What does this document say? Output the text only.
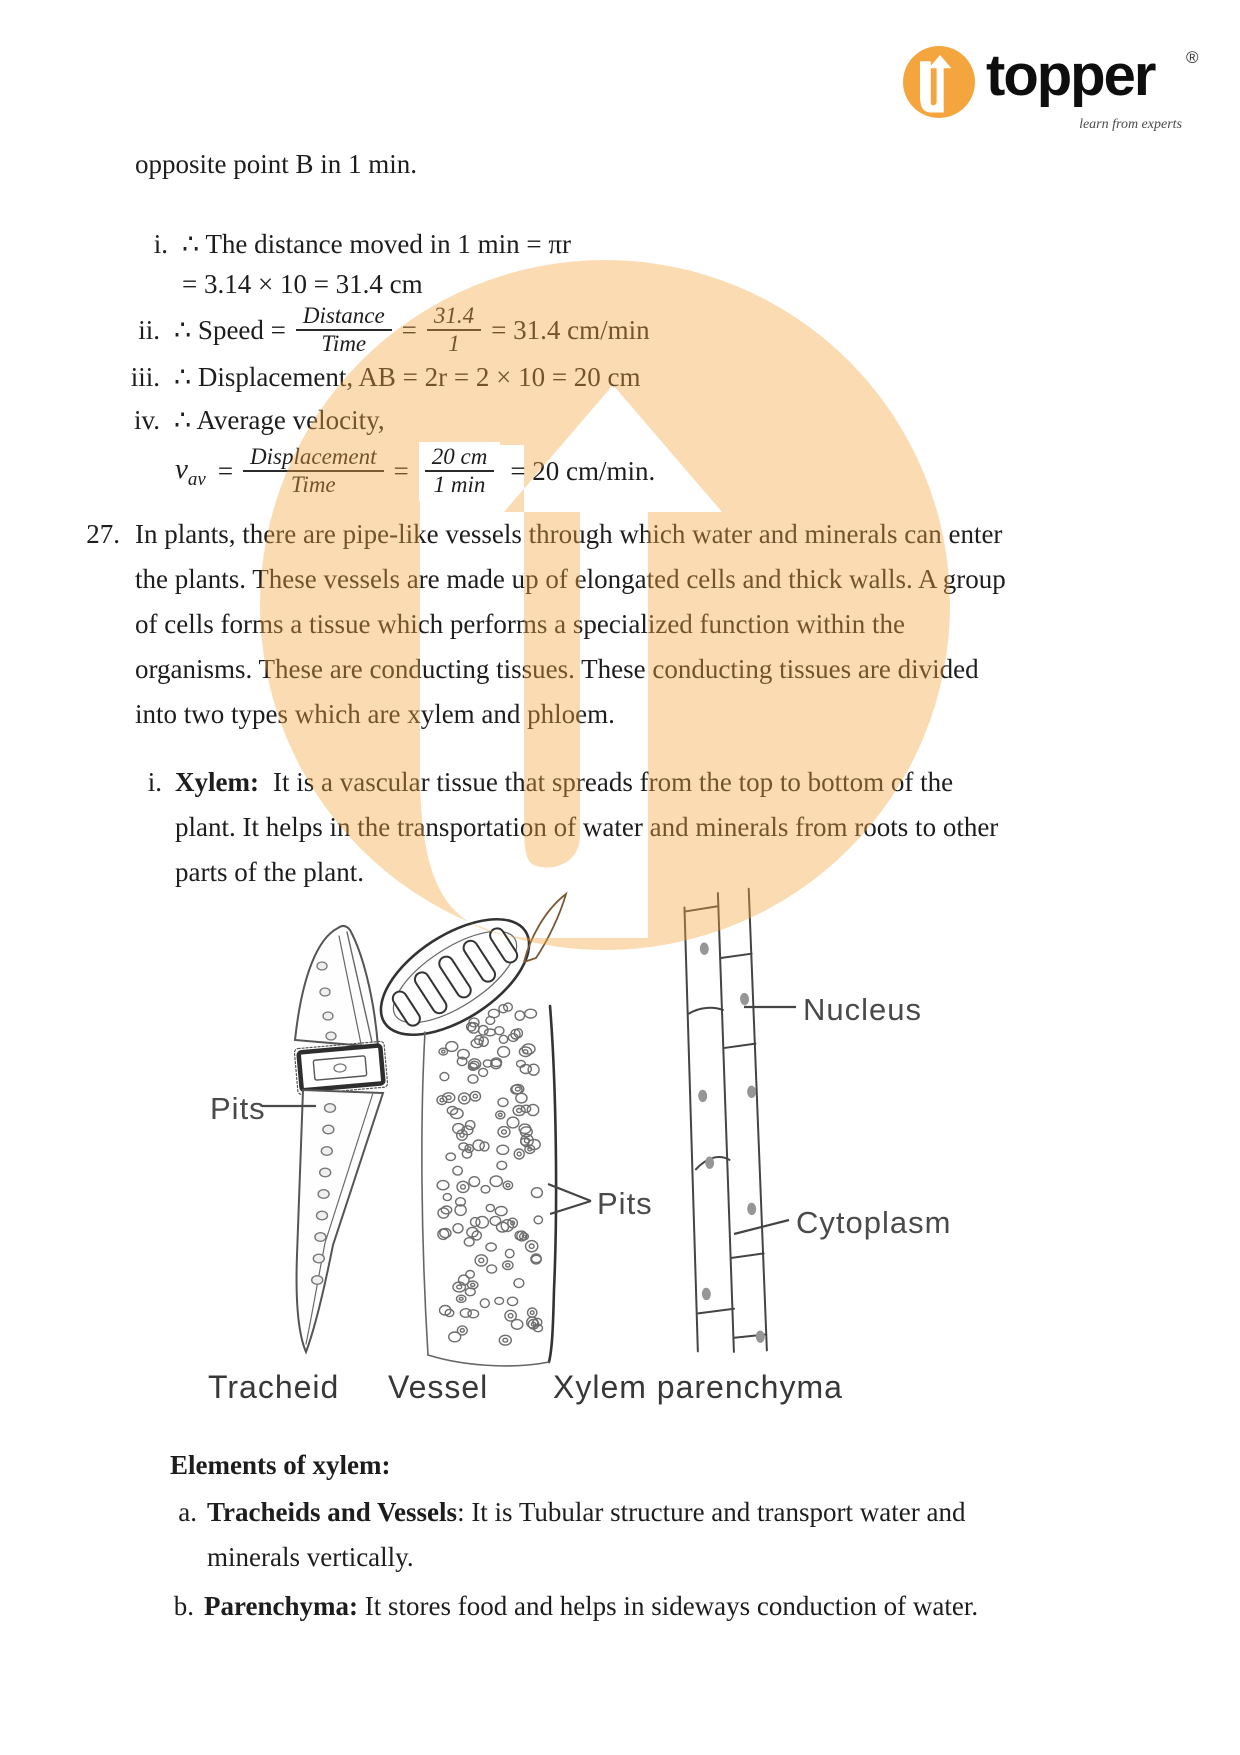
topper ®
learn from experts
opposite point B in 1 min.
i. ∴ The distance moved in 1 min = πr
= 3.14 × 10 = 31.4 cm
ii. ∴ Speed = $\frac{\text{Distance}}{\text{Time}} = \frac{31.4}{1} = 31.4$ cm/min
iii. ∴ Displacement, AB = 2r = 2 × 10 = 20 cm
iv. ∴ Average velocity,
$v_{av} = \frac{\text{Displacement}}{\text{Time}} = \frac{20 cm}{1 \min} = 20$ cm/min.
27. In plants, there are pipe-like vessels through which water and minerals can enter the plants. These vessels are made up of elongated cells and thick walls. A group of cells forms a tissue which performs a specialized function within the organisms. These are conducting tissues. These conducting tissues are divided into two types which are xylem and phloem.
i. Xylem: It is a vascular tissue that spreads from the top to bottom of the plant. It helps in the transportation of water and minerals from roots to other parts of the plant.
Pits
Pits
Nucleus
Cytoplasm
Tracheid Vessel Xylem parenchyma
Elements of xylem:
a. Tracheids and Vessels: It is Tubular structure and transport water and minerals vertically.
b. Parenchyma: It stores food and helps in sideways conduction of water.
